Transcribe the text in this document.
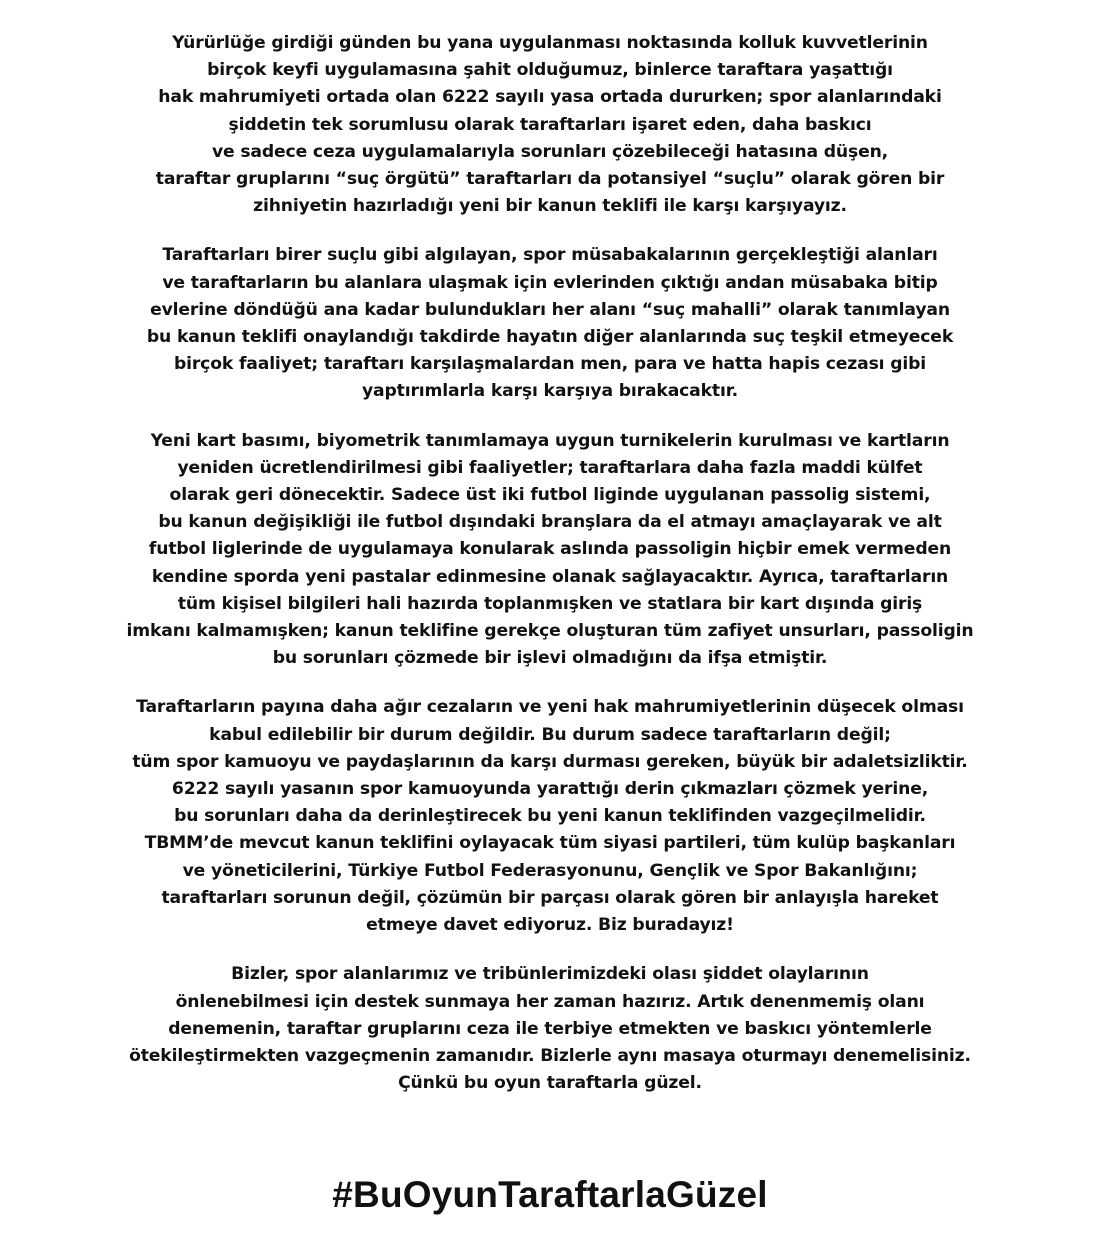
Yürürlüğe girdiği günden bu yana uygulanması noktasında kolluk kuvvetlerinin
birçok keyfi uygulamasına şahit olduğumuz, binlerce taraftara yaşattığı
hak mahrumiyeti ortada olan 6222 sayılı yasa ortada dururken; spor alanlarındaki
şiddetin tek sorumlusu olarak taraftarları işaret eden, daha baskıcı
ve sadece ceza uygulamalarıyla sorunları çözebileceği hatasına düşen,
taraftar gruplarını “suç örgütü” taraftarları da potansiyel “suçlu” olarak gören bir
zihniyetin hazırladığı yeni bir kanun teklifi ile karşı karşıyayız.

Taraftarları birer suçlu gibi algılayan, spor müsabakalarının gerçekleştiği alanları
ve taraftarların bu alanlara ulaşmak için evlerinden çıktığı andan müsabaka bitip
evlerine döndüğü ana kadar bulundukları her alanı “suç mahalli” olarak tanımlayan
bu kanun teklifi onaylandığı takdirde hayatın diğer alanlarında suç teşkil etmeyecek
birçok faaliyet; taraftarı karşılaşmalardan men, para ve hatta hapis cezası gibi
yaptırımlarla karşı karşıya bırakacaktır.

Yeni kart basımı, biyometrik tanımlamaya uygun turnikelerin kurulması ve kartların
yeniden ücretlendirilmesi gibi faaliyetler; taraftarlara daha fazla maddi külfet
olarak geri dönecektir. Sadece üst iki futbol liginde uygulanan passolig sistemi,
bu kanun değişikliği ile futbol dışındaki branşlara da el atmayı amaçlayarak ve alt
futbol liglerinde de uygulamaya konularak aslında passoligin hiçbir emek vermeden
kendine sporda yeni pastalar edinmesine olanak sağlayacaktır. Ayrıca, taraftarların
tüm kişisel bilgileri hali hazırda toplanmışken ve statlara bir kart dışında giriş
imkanı kalmamışken; kanun teklifine gerekçe oluşturan tüm zafiyet unsurları, passoligin
bu sorunları çözmede bir işlevi olmadığını da ifşa etmiştir.

Taraftarların payına daha ağır cezaların ve yeni hak mahrumiyetlerinin düşecek olması
kabul edilebilir bir durum değildir. Bu durum sadece taraftarların değil;
tüm spor kamuoyu ve paydaşlarının da karşı durması gereken, büyük bir adaletsizliktir.
6222 sayılı yasanın spor kamuoyunda yarattığı derin çıkmazları çözmek yerine,
bu sorunları daha da derinleştirecek bu yeni kanun teklifinden vazgeçilmelidir.
TBMM’de mevcut kanun teklifini oylayacak tüm siyasi partileri, tüm kulüp başkanları
ve yöneticilerini, Türkiye Futbol Federasyonunu, Gençlik ve Spor Bakanlığını;
taraftarları sorunun değil, çözümün bir parçası olarak gören bir anlayışla hareket
etmeye davet ediyoruz. Biz buradayız!

Bizler, spor alanlarımız ve tribünlerimizdeki olası şiddet olaylarının
önlenebilmesi için destek sunmaya her zaman hazırız. Artık denenmemiş olanı
denemenin, taraftar gruplarını ceza ile terbiye etmekten ve baskıcı yöntemlerle
ötekileştirmekten vazgeçmenin zamanıdır. Bizlerle aynı masaya oturmayı denemelisiniz.
Çünkü bu oyun taraftarla güzel.

#BuOyunTaraftarlaGüzel
